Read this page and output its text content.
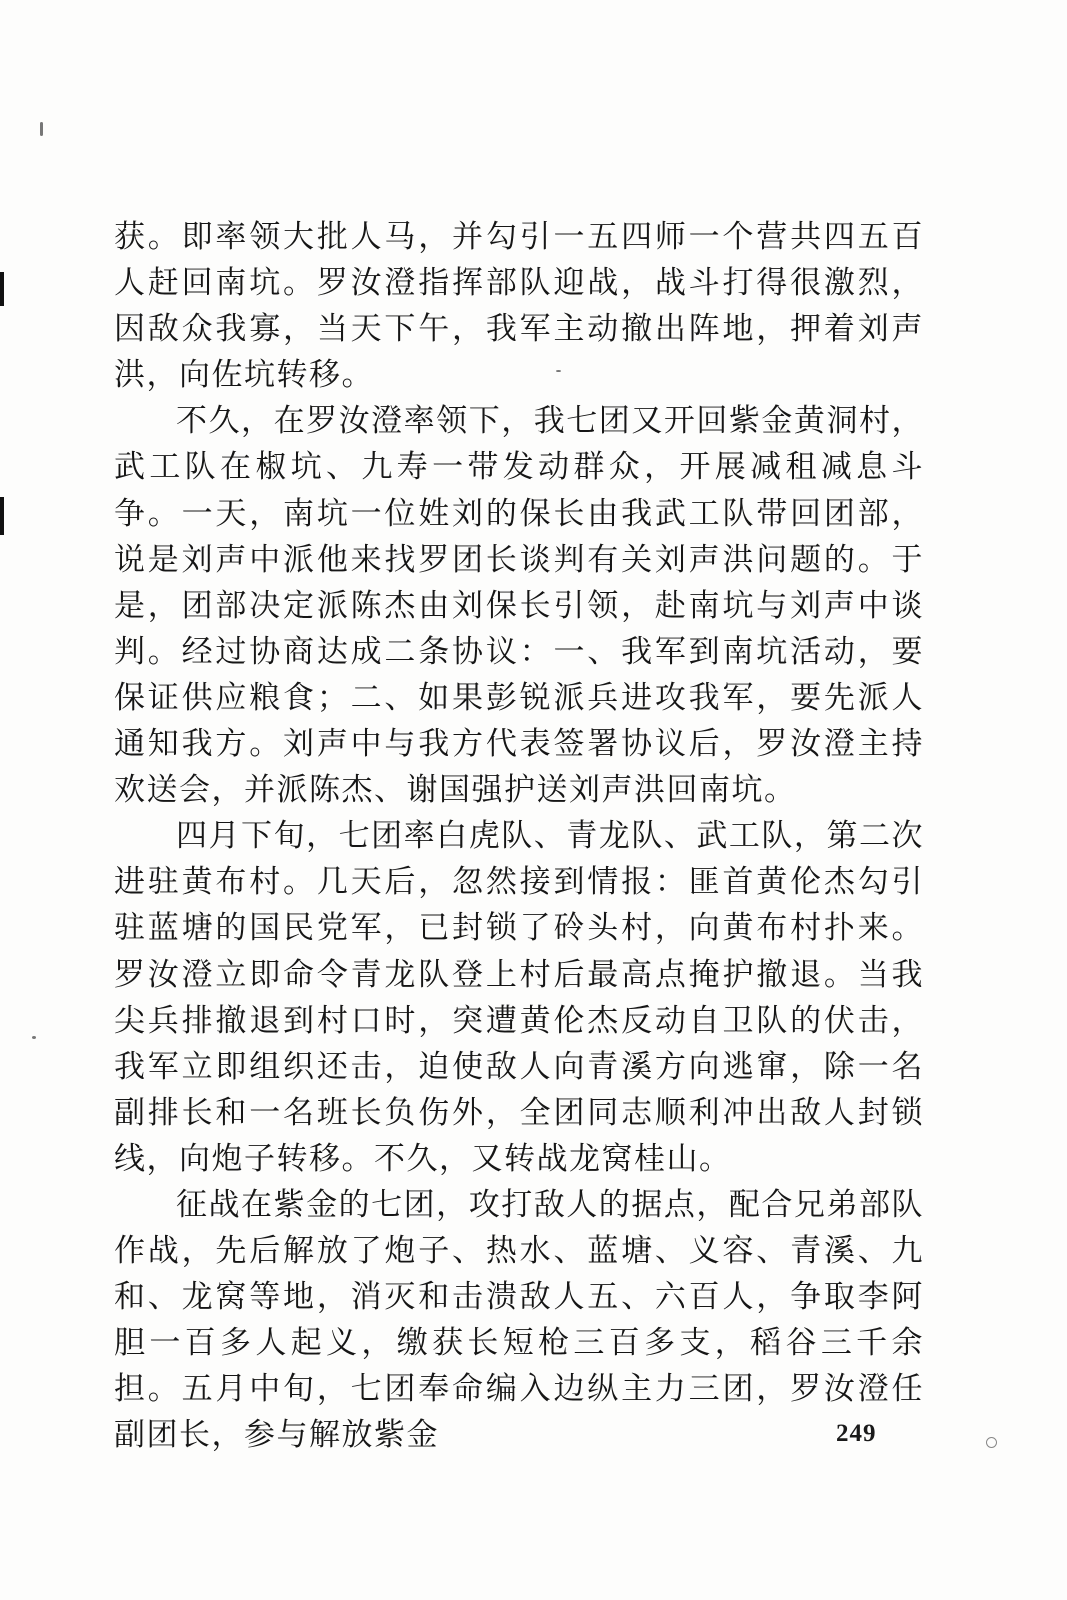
获。即率领大批人马，并勾引一五四师一个营共四五百人赶回南坑。罗汝澄指挥部队迎战，战斗打得很激烈，因敌众我寡，当天下午，我军主动撤出阵地，押着刘声洪，向佐坑转移。

不久，在罗汝澄率领下，我七团又开回紫金黄洞村，武工队在椒坑、九寿一带发动群众，开展减租减息斗争。一天，南坑一位姓刘的保长由我武工队带回团部，说是刘声中派他来找罗团长谈判有关刘声洪问题的。于是，团部决定派陈杰由刘保长引领，赴南坑与刘声中谈判。经过协商达成二条协议：一、我军到南坑活动，要保证供应粮食；二、如果彭锐派兵进攻我军，要先派人通知我方。刘声中与我方代表签署协议后，罗汝澄主持欢送会，并派陈杰、谢国强护送刘声洪回南坑。

四月下旬，七团率白虎队、青龙队、武工队，第二次进驻黄布村。几天后，忽然接到情报：匪首黄伦杰勾引驻蓝塘的国民党军，已封锁了砱头村，向黄布村扑来。罗汝澄立即命令青龙队登上村后最高点掩护撤退。当我尖兵排撤退到村口时，突遭黄伦杰反动自卫队的伏击，我军立即组织还击，迫使敌人向青溪方向逃窜，除一名副排长和一名班长负伤外，全团同志顺利冲出敌人封锁线，向炮子转移。不久，又转战龙窝桂山。

征战在紫金的七团，攻打敌人的据点，配合兄弟部队作战，先后解放了炮子、热水、蓝塘、义容、青溪、九和、龙窝等地，消灭和击溃敌人五、六百人，争取李阿胆一百多人起义，缴获长短枪三百多支，稻谷三千余担。五月中旬，七团奉命编入边纵主力三团，罗汝澄任副团长，参与解放紫金	249
